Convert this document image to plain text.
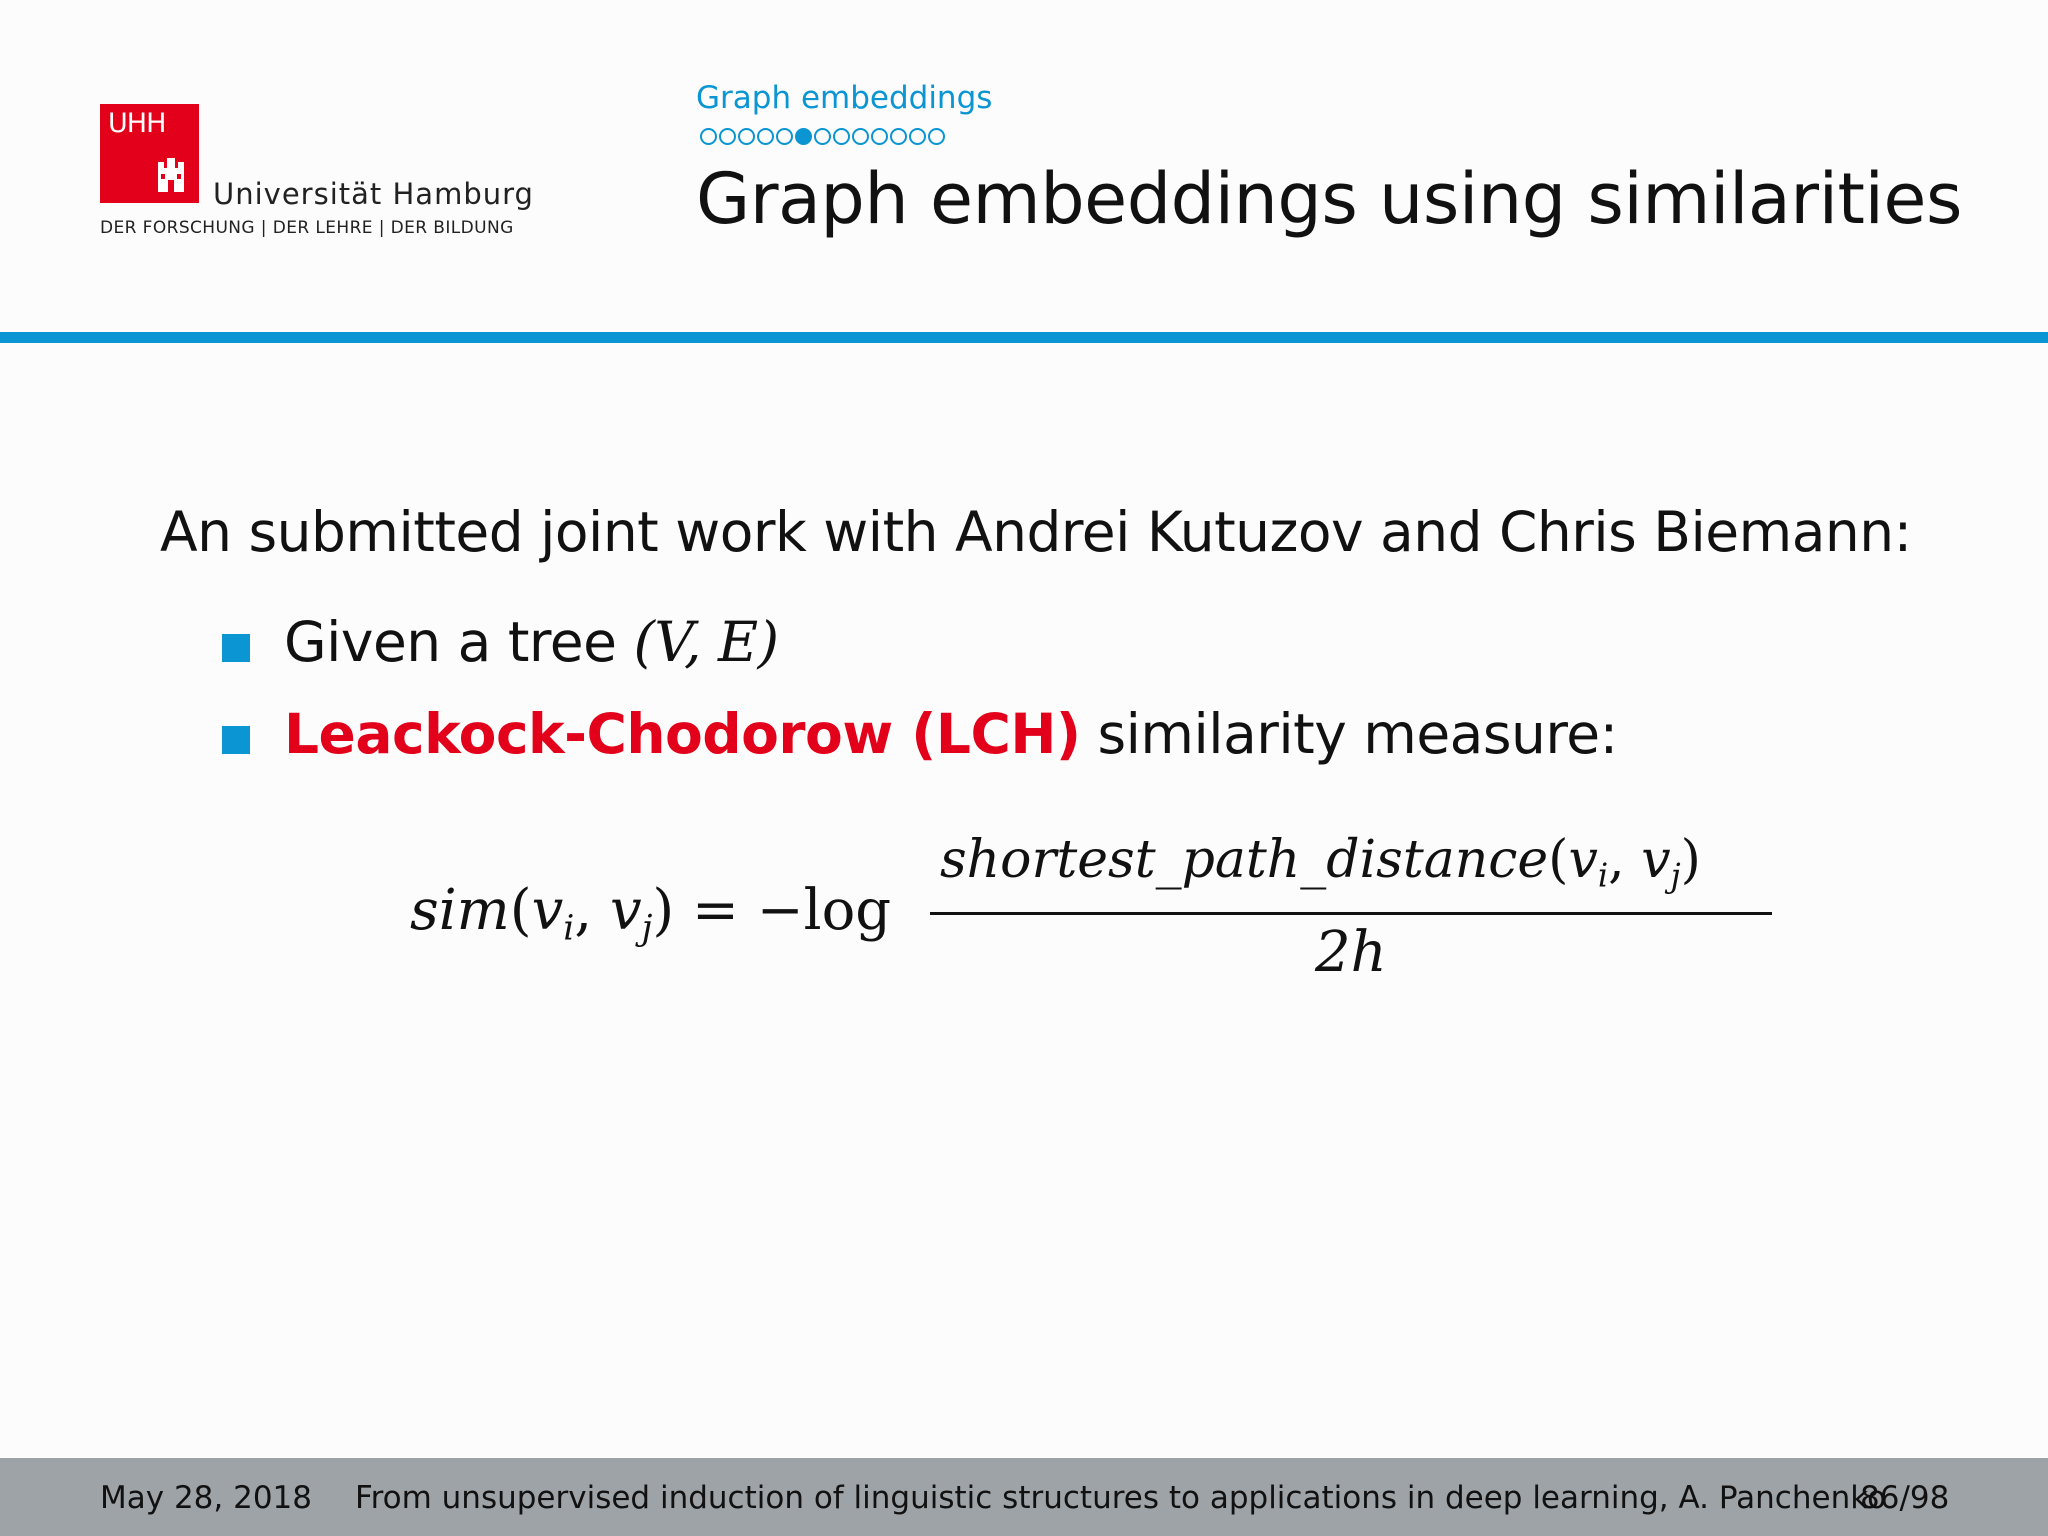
UHH
Universität Hamburg
DER FORSCHUNG | DER LEHRE | DER BILDUNG
Graph embeddings
Graph embeddings using similarities
An submitted joint work with Andrei Kutuzov and Chris Biemann:
Given a tree (V, E)
Leackock-Chodorow (LCH) similarity measure:
$sim(v_i$, $v_j) = -\log$
$shortest\_path\_distance(v_i$, $v_j$)
2h
May 28, 2018 From unsupervised induction of linguistic structures to applications in deep learning, A. Panchenko
86/98
